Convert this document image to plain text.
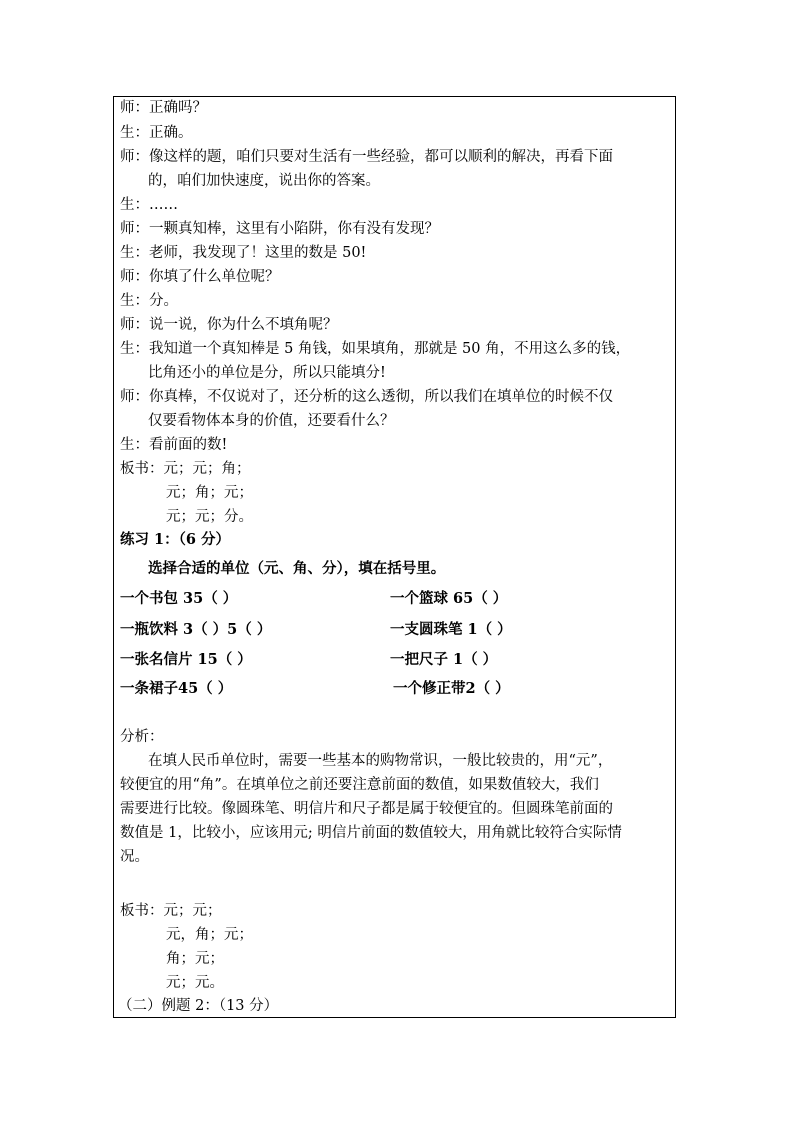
师：正确吗？
生：正确。
师：像这样的题，咱们只要对生活有一些经验，都可以顺利的解决，再看下面
的，咱们加快速度，说出你的答案。
生：……
师：一颗真知棒，这里有小陷阱，你有没有发现？
生：老师，我发现了！这里的数是 50!
师：你填了什么单位呢？
生：分。
师：说一说，你为什么不填角呢？
生：我知道一个真知棒是 5 角钱，如果填角，那就是 50 角，不用这么多的钱，
比角还小的单位是分，所以只能填分!
师：你真棒，不仅说对了，还分析的这么透彻，所以我们在填单位的时候不仅
仅要看物体本身的价值，还要看什么？
生：看前面的数!
板书：元；元；角；
元；角；元；
元；元；分。
练习 1：（6 分）
选择合适的单位（元、角、分），填在括号里。
一个书包 35（ ）	一个篮球 65（ ）
一瓶饮料 3（ ）5（ ）	一支圆珠笔 1（ ）
一张名信片 15（ ）	一把尺子 1（ ）
一条裙子45（ ）	一个修正带2（ ）
分析：
在填人民币单位时，需要一些基本的购物常识，一般比较贵的，用“元”，
较便宜的用“角”。在填单位之前还要注意前面的数值，如果数值较大，我们
需要进行比较。像圆珠笔、明信片和尺子都是属于较便宜的。但圆珠笔前面的
数值是 1，比较小，应该用元; 明信片前面的数值较大，用角就比较符合实际情
况。
板书：元；元；
元，角；元；
角；元；
元；元。
（二）例题 2：（13 分）
